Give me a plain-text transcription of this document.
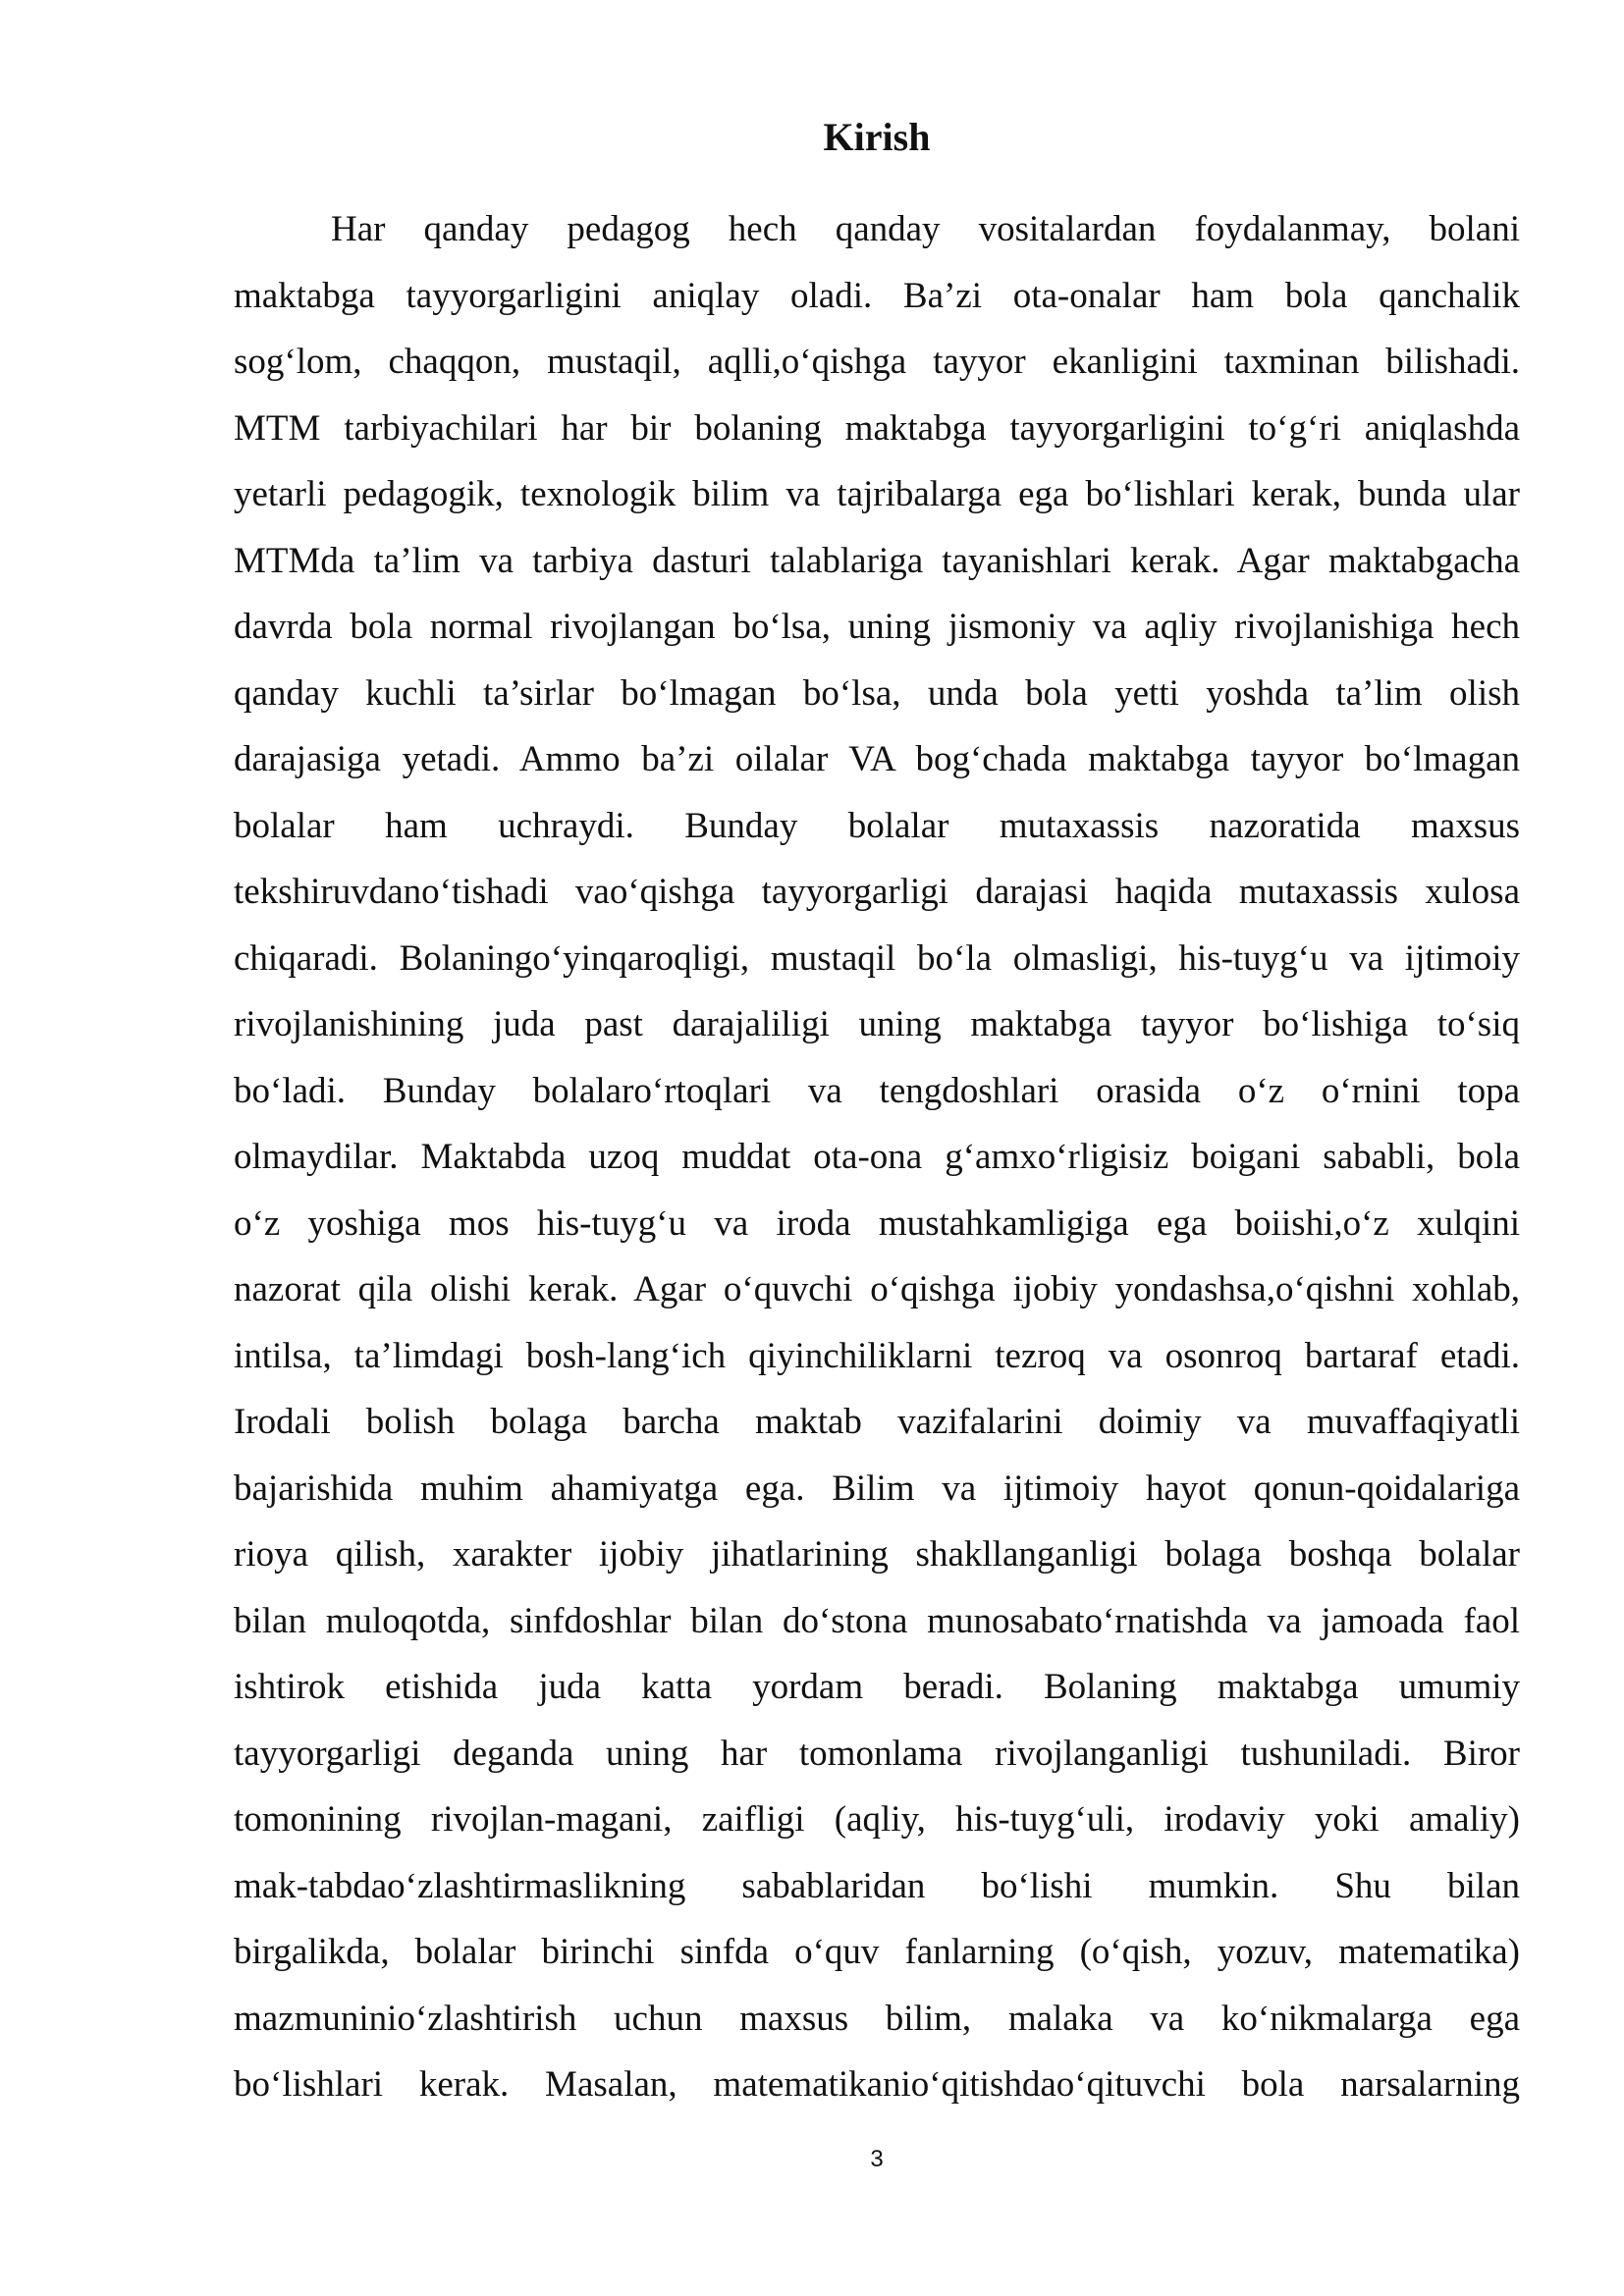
Kirish
Har qanday pedagog hech qanday vositalardan foydalanmay, bolani
maktabga tayyorgarligini aniqlay oladi. Ba’zi ota-onalar ham bola qanchalik
sog‘lom, chaqqon, mustaqil, aqlli,o‘qishga tayyor ekanligini taxminan bilishadi.
MTM tarbiyachilari har bir bolaning maktabga tayyorgarligini to‘g‘ri aniqlashda
yetarli pedagogik, texnologik bilim va tajribalarga ega bo‘lishlari kerak, bunda ular
MTMda ta’lim va tarbiya dasturi talablariga tayanishlari kerak. Agar maktabgacha
davrda bola normal rivojlangan bo‘lsa, uning jismoniy va aqliy rivojlanishiga hech
qanday kuchli ta’sirlar bo‘lmagan bo‘lsa, unda bola yetti yoshda ta’lim olish
darajasiga yetadi. Ammo ba’zi oilalar VA bog‘chada maktabga tayyor bo‘lmagan
bolalar ham uchraydi. Bunday bolalar mutaxassis nazoratida maxsus
tekshiruvdano‘tishadi vao‘qishga tayyorgarligi darajasi haqida mutaxassis xulosa
chiqaradi. Bolaningo‘yinqaroqligi, mustaqil bo‘la olmasligi, his-tuyg‘u va ijtimoiy
rivojlanishining juda past darajaliligi uning maktabga tayyor bo‘lishiga to‘siq
bo‘ladi. Bunday bolalaro‘rtoqlari va tengdoshlari orasida o‘z o‘rnini topa
olmaydilar. Maktabda uzoq muddat ota-ona g‘amxo‘rligisiz boigani sababli, bola
o‘z yoshiga mos his-tuyg‘u va iroda mustahkamligiga ega boiishi,o‘z xulqini
nazorat qila olishi kerak. Agar o‘quvchi o‘qishga ijobiy yondashsa,o‘qishni xohlab,
intilsa, ta’limdagi bosh-lang‘ich qiyinchiliklarni tezroq va osonroq bartaraf etadi.
Irodali bolish bolaga barcha maktab vazifalarini doimiy va muvaffaqiyatli
bajarishida muhim ahamiyatga ega. Bilim va ijtimoiy hayot qonun-qoidalariga
rioya qilish, xarakter ijobiy jihatlarining shakllanganligi bolaga boshqa bolalar
bilan muloqotda, sinfdoshlar bilan do‘stona munosabato‘rnatishda va jamoada faol
ishtirok etishida juda katta yordam beradi. Bolaning maktabga umumiy
tayyorgarligi deganda uning har tomonlama rivojlanganligi tushuniladi. Biror
tomonining rivojlan-magani, zaifligi (aqliy, his-tuyg‘uli, irodaviy yoki amaliy)
mak-tabdao‘zlashtirmaslikning sabablaridan bo‘lishi mumkin. Shu bilan
birgalikda, bolalar birinchi sinfda o‘quv fanlarning (o‘qish, yozuv, matematika)
mazmuninio‘zlashtirish uchun maxsus bilim, malaka va ko‘nikmalarga ega
bo‘lishlari kerak. Masalan, matematikanio‘qitishdao‘qituvchi bola narsalarning
3
